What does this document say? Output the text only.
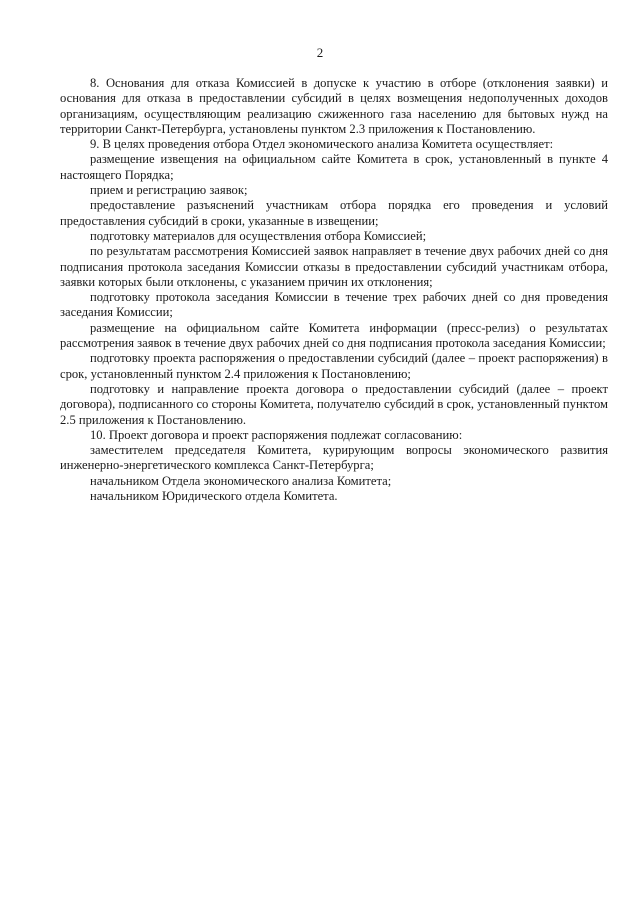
2

8. Основания для отказа Комиссией в допуске к участию в отборе (отклонения заявки) и основания для отказа в предоставлении субсидий в целях возмещения недополученных доходов организациям, осуществляющим реализацию сжиженного газа населению для бытовых нужд на территории Санкт-Петербурга, установлены пунктом 2.3 приложения к Постановлению.

9. В целях проведения отбора Отдел экономического анализа Комитета осуществляет:

размещение извещения на официальном сайте Комитета в срок, установленный в пункте 4 настоящего Порядка;

прием и регистрацию заявок;

предоставление разъяснений участникам отбора порядка его проведения и условий предоставления субсидий в сроки, указанные в извещении;

подготовку материалов для осуществления отбора Комиссией;

по результатам рассмотрения Комиссией заявок направляет в течение двух рабочих дней со дня подписания протокола заседания Комиссии отказы в предоставлении субсидий участникам отбора, заявки которых были отклонены, с указанием причин их отклонения;

подготовку протокола заседания Комиссии в течение трех рабочих дней со дня проведения заседания Комиссии;

размещение на официальном сайте Комитета информации (пресс-релиз) о результатах рассмотрения заявок в течение двух рабочих дней со дня подписания протокола заседания Комиссии;

подготовку проекта распоряжения о предоставлении субсидий (далее – проект распоряжения) в срок, установленный пунктом 2.4 приложения к Постановлению;

подготовку и направление проекта договора о предоставлении субсидий (далее – проект договора), подписанного со стороны Комитета, получателю субсидий в срок, установленный пунктом 2.5 приложения к Постановлению.

10. Проект договора и проект распоряжения подлежат согласованию:

заместителем председателя Комитета, курирующим вопросы экономического развития инженерно-энергетического комплекса Санкт-Петербурга;

начальником Отдела экономического анализа Комитета;

начальником Юридического отдела Комитета.
